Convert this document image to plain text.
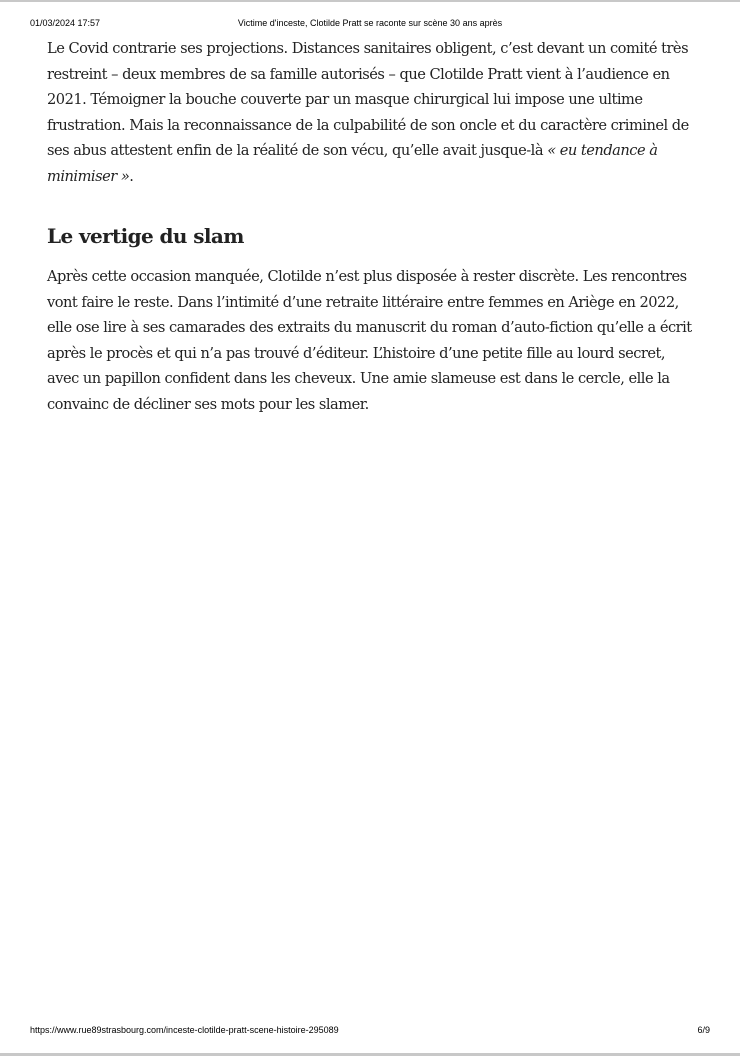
01/03/2024 17:57	Victime d'inceste, Clotilde Pratt se raconte sur scène 30 ans après

Le Covid contrarie ses projections. Distances sanitaires obligent, c’est devant un comité très restreint – deux membres de sa famille autorisés – que Clotilde Pratt vient à l’audience en 2021. Témoigner la bouche couverte par un masque chirurgical lui impose une ultime frustration. Mais la reconnaissance de la culpabilité de son oncle et du caractère criminel de ses abus attestent enfin de la réalité de son vécu, qu’elle avait jusque-là « eu tendance à minimiser ».

Le vertige du slam

Après cette occasion manquée, Clotilde n’est plus disposée à rester discrète. Les rencontres vont faire le reste. Dans l’intimité d’une retraite littéraire entre femmes en Ariège en 2022, elle ose lire à ses camarades des extraits du manuscrit du roman d’auto-fiction qu’elle a écrit après le procès et qui n’a pas trouvé d’éditeur. L’histoire d’une petite fille au lourd secret, avec un papillon confident dans les cheveux. Une amie slameuse est dans le cercle, elle la convainc de décliner ses mots pour les slamer.

https://www.rue89strasbourg.com/inceste-clotilde-pratt-scene-histoire-295089	6/9
